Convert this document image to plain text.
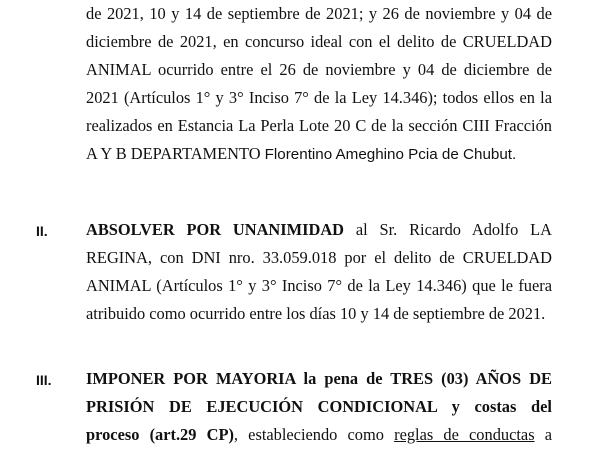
de 2021, 10 y 14 de septiembre de 2021; y 26 de noviembre y 04 de
diciembre de 2021, en concurso ideal con el delito de CRUELDAD
ANIMAL ocurrido entre el 26 de noviembre y 04 de diciembre de
2021 (Artículos 1° y 3° Inciso 7° de la Ley 14.346); todos ellos en la
realizados en Estancia La Perla Lote 20 C de la sección CIII Fracción
A Y B DEPARTAMENTO Florentino Ameghino Pcia de Chubut.
II. ABSOLVER POR UNANIMIDAD al Sr. Ricardo Adolfo LA
REGINA, con DNI nro. 33.059.018 por el delito de CRUELDAD
ANIMAL (Artículos 1° y 3° Inciso 7° de la Ley 14.346) que le fuera
atribuido como ocurrido entre los días 10 y 14 de septiembre de 2021.
III. IMPONER POR MAYORIA la pena de TRES (03) AÑOS DE
PRISIÓN DE EJECUCIÓN CONDICIONAL y costas del
proceso (art.29 CP), estableciendo como reglas de conductas a
